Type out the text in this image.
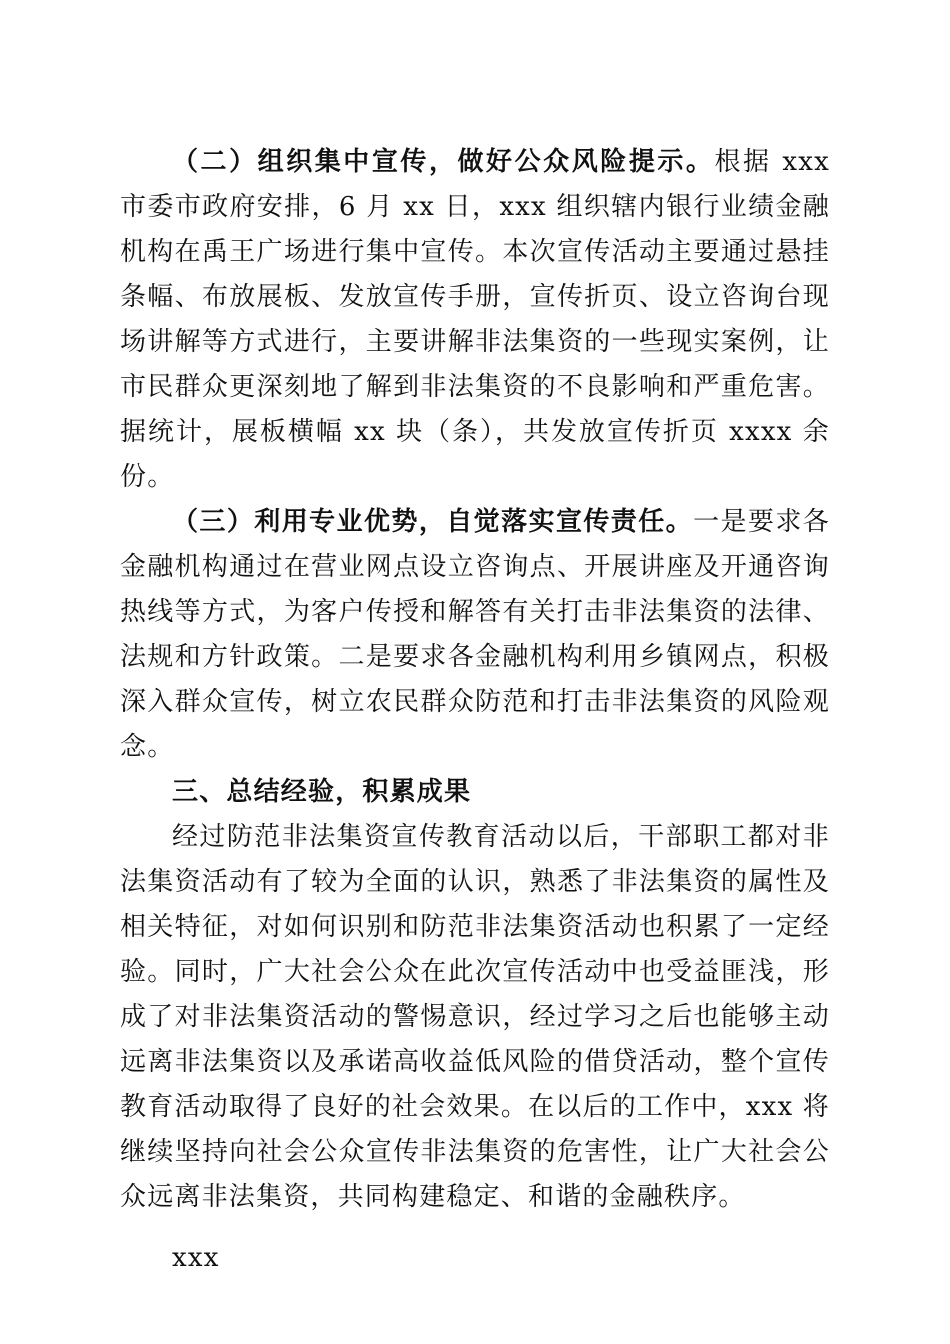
（二）组织集中宣传，做好公众风险提示。根据 xxx 市委市政府安排，6 月 xx 日，xxx 组织辖内银行业绩金融机构在禹王广场进行集中宣传。本次宣传活动主要通过悬挂条幅、布放展板、发放宣传手册，宣传折页、设立咨询台现场讲解等方式进行，主要讲解非法集资的一些现实案例，让市民群众更深刻地了解到非法集资的不良影响和严重危害。据统计，展板横幅 xx 块（条），共发放宣传折页 xxxx 余份。

（三）利用专业优势，自觉落实宣传责任。一是要求各金融机构通过在营业网点设立咨询点、开展讲座及开通咨询热线等方式，为客户传授和解答有关打击非法集资的法律、法规和方针政策。二是要求各金融机构利用乡镇网点，积极深入群众宣传，树立农民群众防范和打击非法集资的风险观念。

三、总结经验，积累成果

经过防范非法集资宣传教育活动以后，干部职工都对非法集资活动有了较为全面的认识，熟悉了非法集资的属性及相关特征，对如何识别和防范非法集资活动也积累了一定经验。同时，广大社会公众在此次宣传活动中也受益匪浅，形成了对非法集资活动的警惕意识，经过学习之后也能够主动远离非法集资以及承诺高收益低风险的借贷活动，整个宣传教育活动取得了良好的社会效果。在以后的工作中，xxx 将继续坚持向社会公众宣传非法集资的危害性，让广大社会公众远离非法集资，共同构建稳定、和谐的金融秩序。

xxx
